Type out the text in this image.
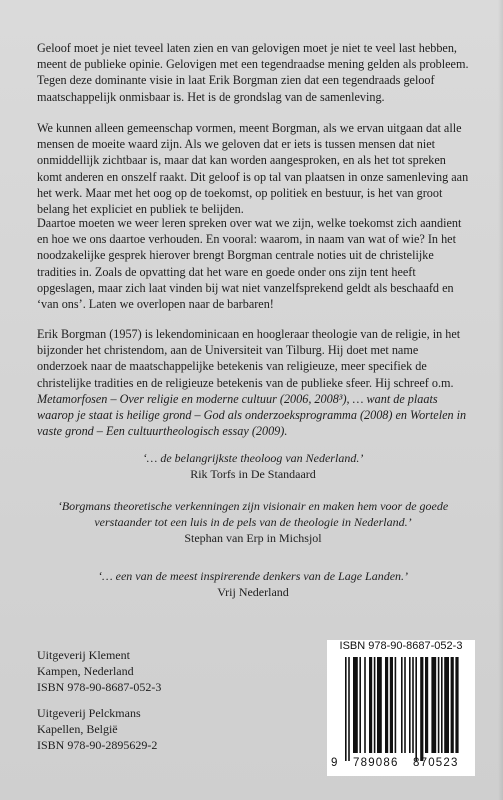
Geloof moet je niet teveel laten zien en van gelovigen moet je niet te veel last hebben, meent de publieke opinie. Gelovigen met een tegendraadse mening gelden als probleem. Tegen deze dominante visie in laat Erik Borgman zien dat een tegendraads geloof maatschappelijk onmisbaar is. Het is de grondslag van de samenleving.

We kunnen alleen gemeenschap vormen, meent Borgman, als we ervan uitgaan dat alle mensen de moeite waard zijn. Als we geloven dat er iets is tussen mensen dat niet onmiddellijk zichtbaar is, maar dat kan worden aangesproken, en als het tot spreken komt anderen en onszelf raakt. Dit geloof is op tal van plaatsen in onze samenleving aan het werk. Maar met het oog op de toekomst, op politiek en bestuur, is het van groot belang het expliciet en publiek te belijden.

Daartoe moeten we weer leren spreken over wat we zijn, welke toekomst zich aandient en hoe we ons daartoe verhouden. En vooral: waarom, in naam van wat of wie? In het noodzakelijke gesprek hierover brengt Borgman centrale noties uit de christelijke tradities in. Zoals de opvatting dat het ware en goede onder ons zijn tent heeft opgeslagen, maar zich laat vinden bij wat niet vanzelfsprekend geldt als beschaafd en ‘van ons’. Laten we overlopen naar de barbaren!

Erik Borgman (1957) is lekendominicaan en hoogleraar theologie van de religie, in het bijzonder het christendom, aan de Universiteit van Tilburg. Hij doet met name onderzoek naar de maatschappelijke betekenis van religieuze, meer specifiek de christelijke tradities en de religieuze betekenis van de publieke sfeer. Hij schreef o.m. Metamorfosen – Over religie en moderne cultuur (2006, 2008³), … want de plaats waarop je staat is heilige grond – God als onderzoeksprogramma (2008) en Wortelen in vaste grond – Een cultuurtheologisch essay (2009).

‘… de belangrijkste theoloog van Nederland.’
Rik Torfs in De Standaard

‘Borgmans theoretische verkenningen zijn visionair en maken hem voor de goede verstaander tot een luis in de pels van de theologie in Nederland.’
Stephan van Erp in Michsjol

‘… een van de meest inspirerende denkers van de Lage Landen.’
Vrij Nederland

Uitgeverij Klement
Kampen, Nederland
ISBN 978-90-8687-052-3
Uitgeverij Pelckmans
Kapellen, België
ISBN 978-90-2895629-2
ISBN 978-90-8687-052-3
9 789086 870523
